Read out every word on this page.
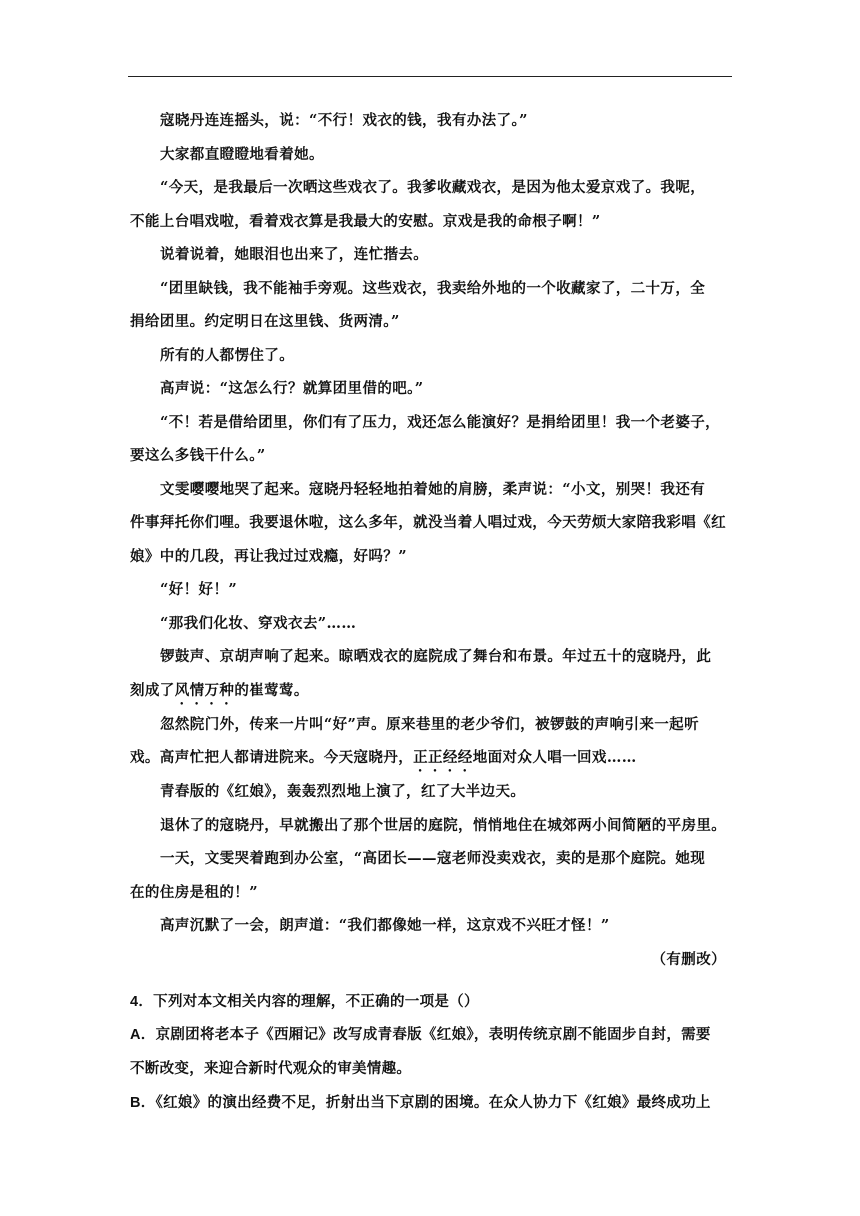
寇晓丹连连摇头，说：“不行！戏衣的钱，我有办法了。”

大家都直瞪瞪地看着她。

“今天，是我最后一次晒这些戏衣了。我爹收藏戏衣，是因为他太爱京戏了。我呢，

不能上台唱戏啦，看着戏衣算是我最大的安慰。京戏是我的命根子啊！”

说着说着，她眼泪也出来了，连忙揩去。

“团里缺钱，我不能袖手旁观。这些戏衣，我卖给外地的一个收藏家了，二十万，全

捐给团里。约定明日在这里钱、货两清。”

所有的人都愣住了。

高声说：“这怎么行？就算团里借的吧。”

“不！若是借给团里，你们有了压力，戏还怎么能演好？是捐给团里！我一个老婆子，

要这么多钱干什么。”

文雯嘤嘤地哭了起来。寇晓丹轻轻地拍着她的肩膀，柔声说：“小文，别哭！我还有

件事拜托你们哩。我要退休啦，这么多年，就没当着人唱过戏，今天劳烦大家陪我彩唱《红

娘》中的几段，再让我过过戏瘾，好吗？”

“好！好！”

“那我们化妆、穿戏衣去”……

锣鼓声、京胡声响了起来。晾晒戏衣的庭院成了舞台和布景。年过五十的寇晓丹，此

刻成了风情万种的崔莺莺。

忽然院门外，传来一片叫“好”声。原来巷里的老少爷们，被锣鼓的声响引来一起听

戏。高声忙把人都请进院来。今天寇晓丹，正正经经地面对众人唱一回戏……

青春版的《红娘》，轰轰烈烈地上演了，红了大半边天。

退休了的寇晓丹，早就搬出了那个世居的庭院，悄悄地住在城郊两小间简陋的平房里。

一天，文雯哭着跑到办公室，“高团长——寇老师没卖戏衣，卖的是那个庭院。她现

在的住房是租的！”

高声沉默了一会，朗声道：“我们都像她一样，这京戏不兴旺才怪！”

（有删改）

4．下列对本文相关内容的理解，不正确的一项是（）
A．京剧团将老本子《西厢记》改写成青春版《红娘》，表明传统京剧不能固步自封，需要
不断改变，来迎合新时代观众的审美情趣。
B．《红娘》的演出经费不足，折射出当下京剧的困境。在众人协力下《红娘》最终成功上
